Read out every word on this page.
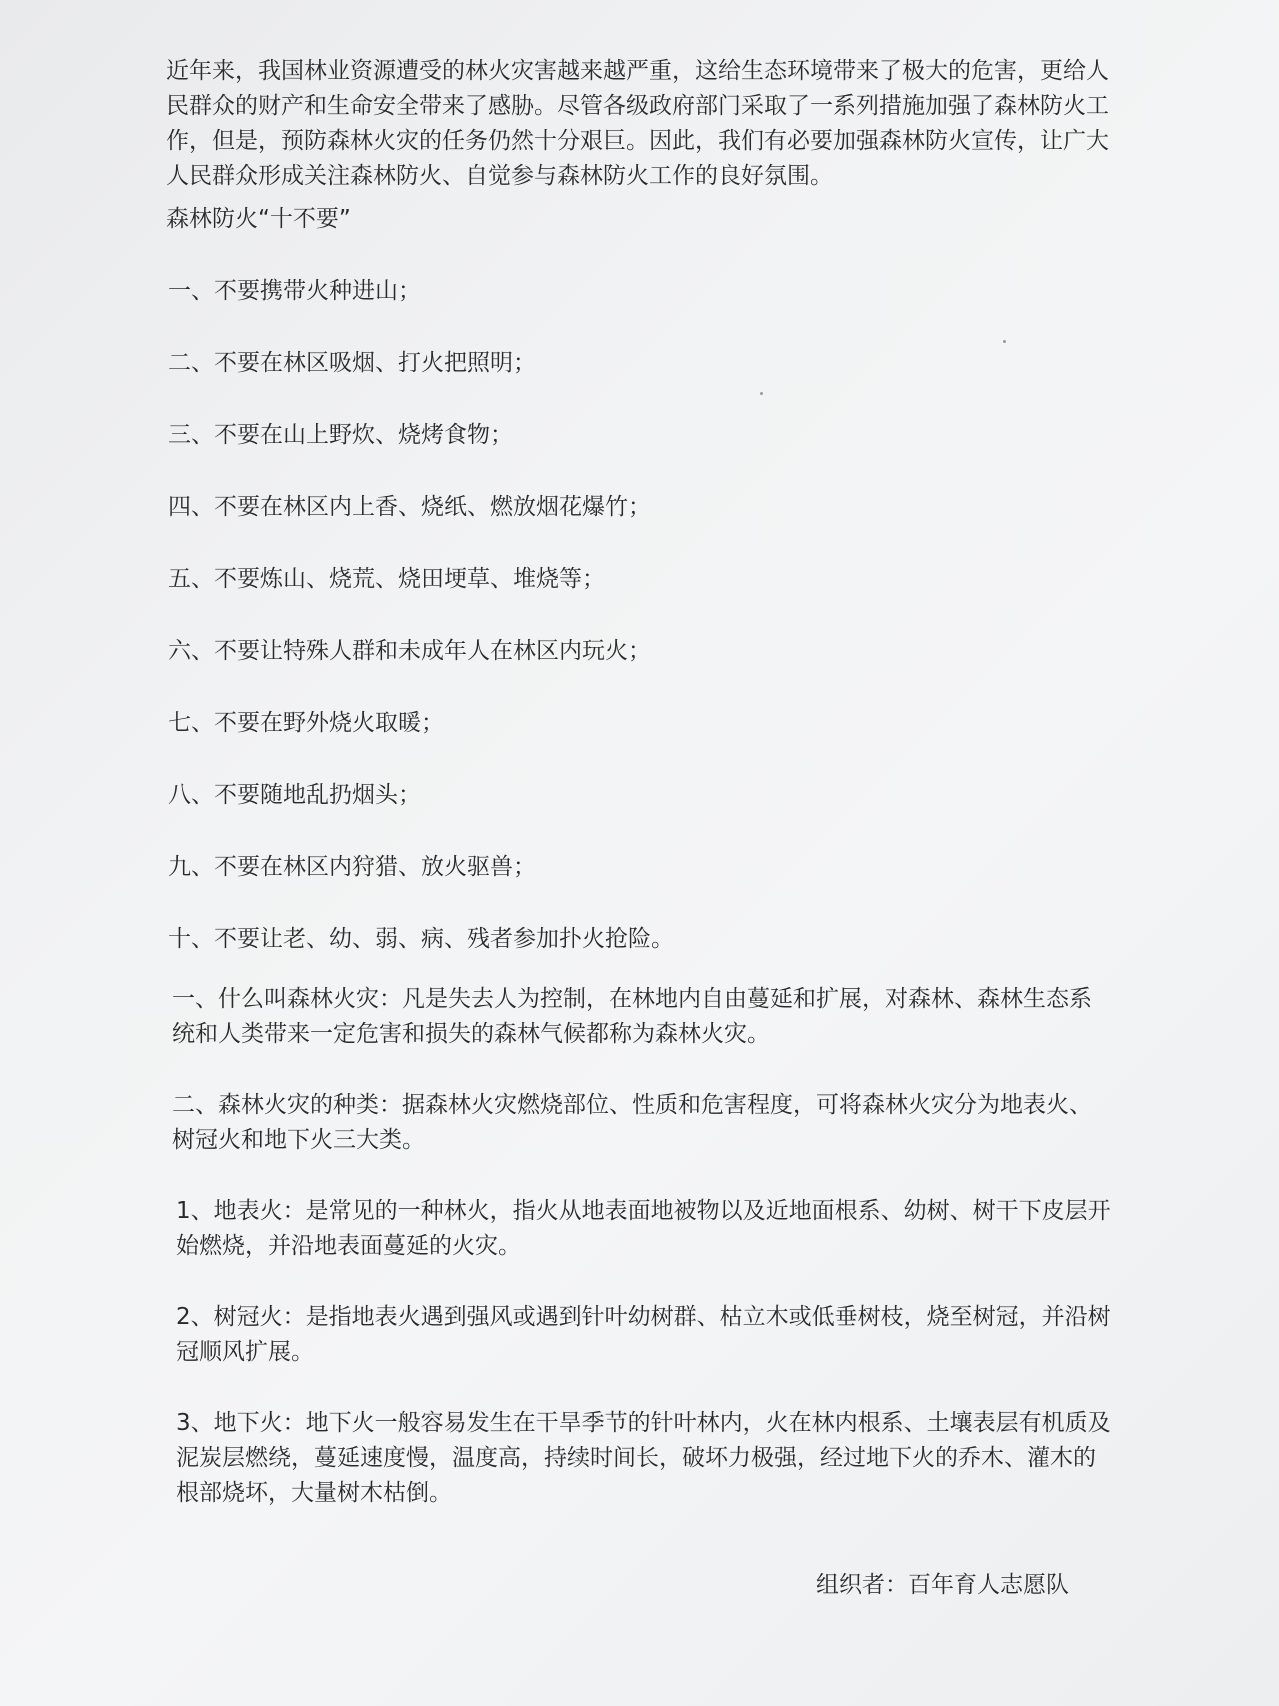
近年来，我国林业资源遭受的林火灾害越来越严重，这给生态环境带来了极大的危害，更给人民群众的财产和生命安全带来了感胁。尽管各级政府部门采取了一系列措施加强了森林防火工作，但是，预防森林火灾的任务仍然十分艰巨。因此，我们有必要加强森林防火宣传，让广大人民群众形成关注森林防火、自觉参与森林防火工作的良好氛围。

森林防火“十不要”

一、不要携带火种进山；
二、不要在林区吸烟、打火把照明；
三、不要在山上野炊、烧烤食物；
四、不要在林区内上香、烧纸、燃放烟花爆竹；
五、不要炼山、烧荒、烧田埂草、堆烧等；
六、不要让特殊人群和未成年人在林区内玩火；
七、不要在野外烧火取暖；
八、不要随地乱扔烟头；
九、不要在林区内狩猎、放火驱兽；
十、不要让老、幼、弱、病、残者参加扑火抢险。

一、什么叫森林火灾：凡是失去人为控制，在林地内自由蔓延和扩展，对森林、森林生态系统和人类带来一定危害和损失的森林气候都称为森林火灾。

二、森林火灾的种类：据森林火灾燃烧部位、性质和危害程度，可将森林火灾分为地表火、树冠火和地下火三大类。

1、地表火：是常见的一种林火，指火从地表面地被物以及近地面根系、幼树、树干下皮层开始燃烧，并沿地表面蔓延的火灾。

2、树冠火：是指地表火遇到强风或遇到针叶幼树群、枯立木或低垂树枝，烧至树冠，并沿树冠顺风扩展。

3、地下火：地下火一般容易发生在干旱季节的针叶林内，火在林内根系、土壤表层有机质及泥炭层燃绕，蔓延速度慢，温度高，持续时间长，破坏力极强，经过地下火的乔木、灌木的根部烧坏，大量树木枯倒。

组织者：百年育人志愿队
